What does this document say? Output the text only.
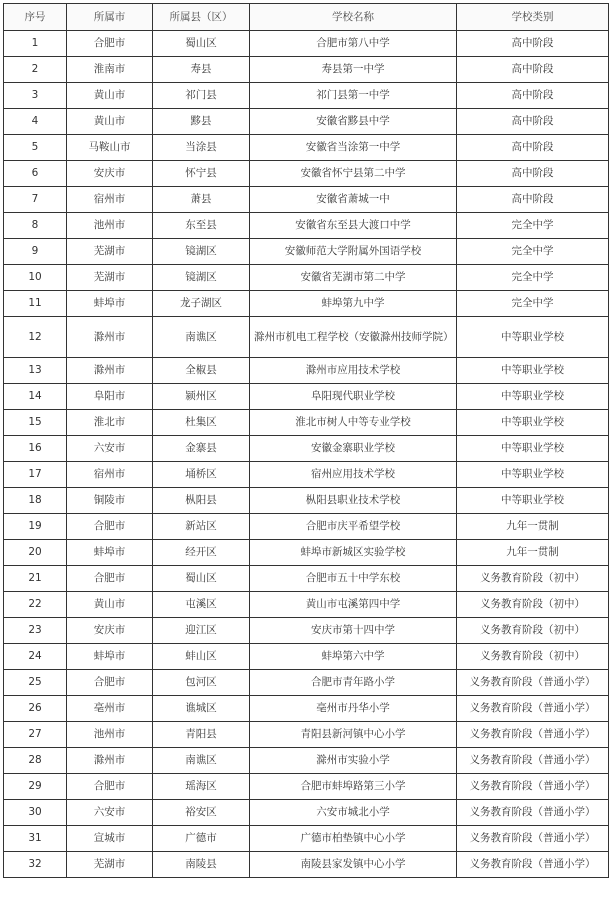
序号	所属市	所属县（区）	学校名称	学校类别
1	合肥市	蜀山区	合肥市第八中学	高中阶段
2	淮南市	寿县	寿县第一中学	高中阶段
3	黄山市	祁门县	祁门县第一中学	高中阶段
4	黄山市	黟县	安徽省黟县中学	高中阶段
5	马鞍山市	当涂县	安徽省当涂第一中学	高中阶段
6	安庆市	怀宁县	安徽省怀宁县第二中学	高中阶段
7	宿州市	萧县	安徽省萧城一中	高中阶段
8	池州市	东至县	安徽省东至县大渡口中学	完全中学
9	芜湖市	镜湖区	安徽师范大学附属外国语学校	完全中学
10	芜湖市	镜湖区	安徽省芜湖市第二中学	完全中学
11	蚌埠市	龙子湖区	蚌埠第九中学	完全中学
12	滁州市	南谯区	滁州市机电工程学校（安徽滁州技师学院）	中等职业学校
13	滁州市	全椒县	滁州市应用技术学校	中等职业学校
14	阜阳市	颍州区	阜阳现代职业学校	中等职业学校
15	淮北市	杜集区	淮北市树人中等专业学校	中等职业学校
16	六安市	金寨县	安徽金寨职业学校	中等职业学校
17	宿州市	埇桥区	宿州应用技术学校	中等职业学校
18	铜陵市	枞阳县	枞阳县职业技术学校	中等职业学校
19	合肥市	新站区	合肥市庆平希望学校	九年一贯制
20	蚌埠市	经开区	蚌埠市新城区实验学校	九年一贯制
21	合肥市	蜀山区	合肥市五十中学东校	义务教育阶段（初中）
22	黄山市	屯溪区	黄山市屯溪第四中学	义务教育阶段（初中）
23	安庆市	迎江区	安庆市第十四中学	义务教育阶段（初中）
24	蚌埠市	蚌山区	蚌埠第六中学	义务教育阶段（初中）
25	合肥市	包河区	合肥市青年路小学	义务教育阶段（普通小学）
26	亳州市	谯城区	亳州市丹华小学	义务教育阶段（普通小学）
27	池州市	青阳县	青阳县新河镇中心小学	义务教育阶段（普通小学）
28	滁州市	南谯区	滁州市实验小学	义务教育阶段（普通小学）
29	合肥市	瑶海区	合肥市蚌埠路第三小学	义务教育阶段（普通小学）
30	六安市	裕安区	六安市城北小学	义务教育阶段（普通小学）
31	宣城市	广德市	广德市柏垫镇中心小学	义务教育阶段（普通小学）
32	芜湖市	南陵县	南陵县家发镇中心小学	义务教育阶段（普通小学）
